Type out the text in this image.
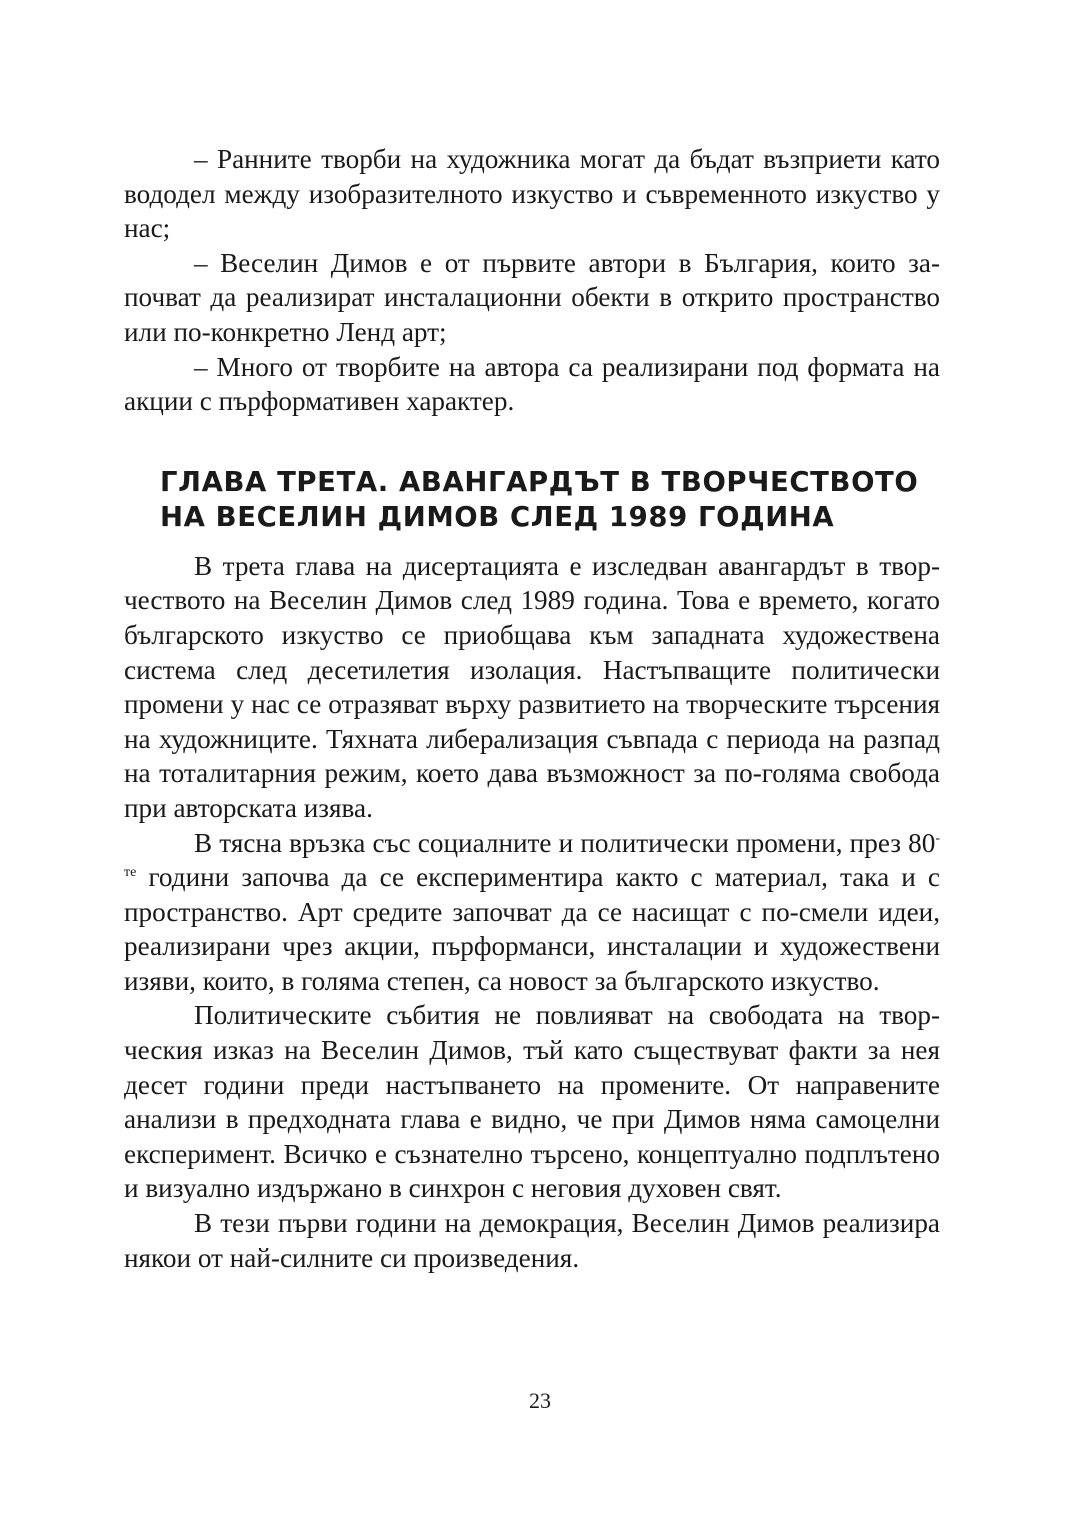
– Ранните творби на художника могат да бъдат възприети като вододел между изобразителното изкуство и съвременното изкуство у нас;

– Веселин Димов е от първите автори в България, които започват да реализират инсталационни обекти в открито пространство или по-конкретно Ленд арт;

– Много от творбите на автора са реализирани под формата на акции с пърформативен характер.

ГЛАВА ТРЕТА. АВАНГАРДЪТ В ТВОРЧЕСТВОТО
НА ВЕСЕЛИН ДИМОВ СЛЕД 1989 ГОДИНА

В трета глава на дисертацията е изследван авангардът в творчеството на Веселин Димов след 1989 година. Това е времето, когато българското изкуство се приобщава към западната художествена система след десетилетия изолация. Настъпващите политически промени у нас се отразяват върху развитието на творческите търсения на художниците. Тяхната либерализация съвпада с периода на разпад на тоталитарния режим, което дава възможност за по-голяма свобода при авторската изява.

В тясна връзка със социалните и политически промени, през $80^{-те}$ години започва да се експериментира както с материал, така и с пространство. Арт средите започват да се насищат с по-смели идеи, реализирани чрез акции, пърформанси, инсталации и художествени изяви, които, в голяма степен, са новост за българското изкуство.

Политическите събития не повлияват на свободата на творческия изказ на Веселин Димов, тъй като съществуват факти за нея десет години преди настъпването на промените. От направените анализи в предходната глава е видно, че при Димов няма самоцелни експеримент. Всичко е съзнателно търсено, концептуално подплътено и визуално издържано в синхрон с неговия духовен свят.

В тези първи години на демокрация, Веселин Димов реализира някои от най-силните си произведения.

23
